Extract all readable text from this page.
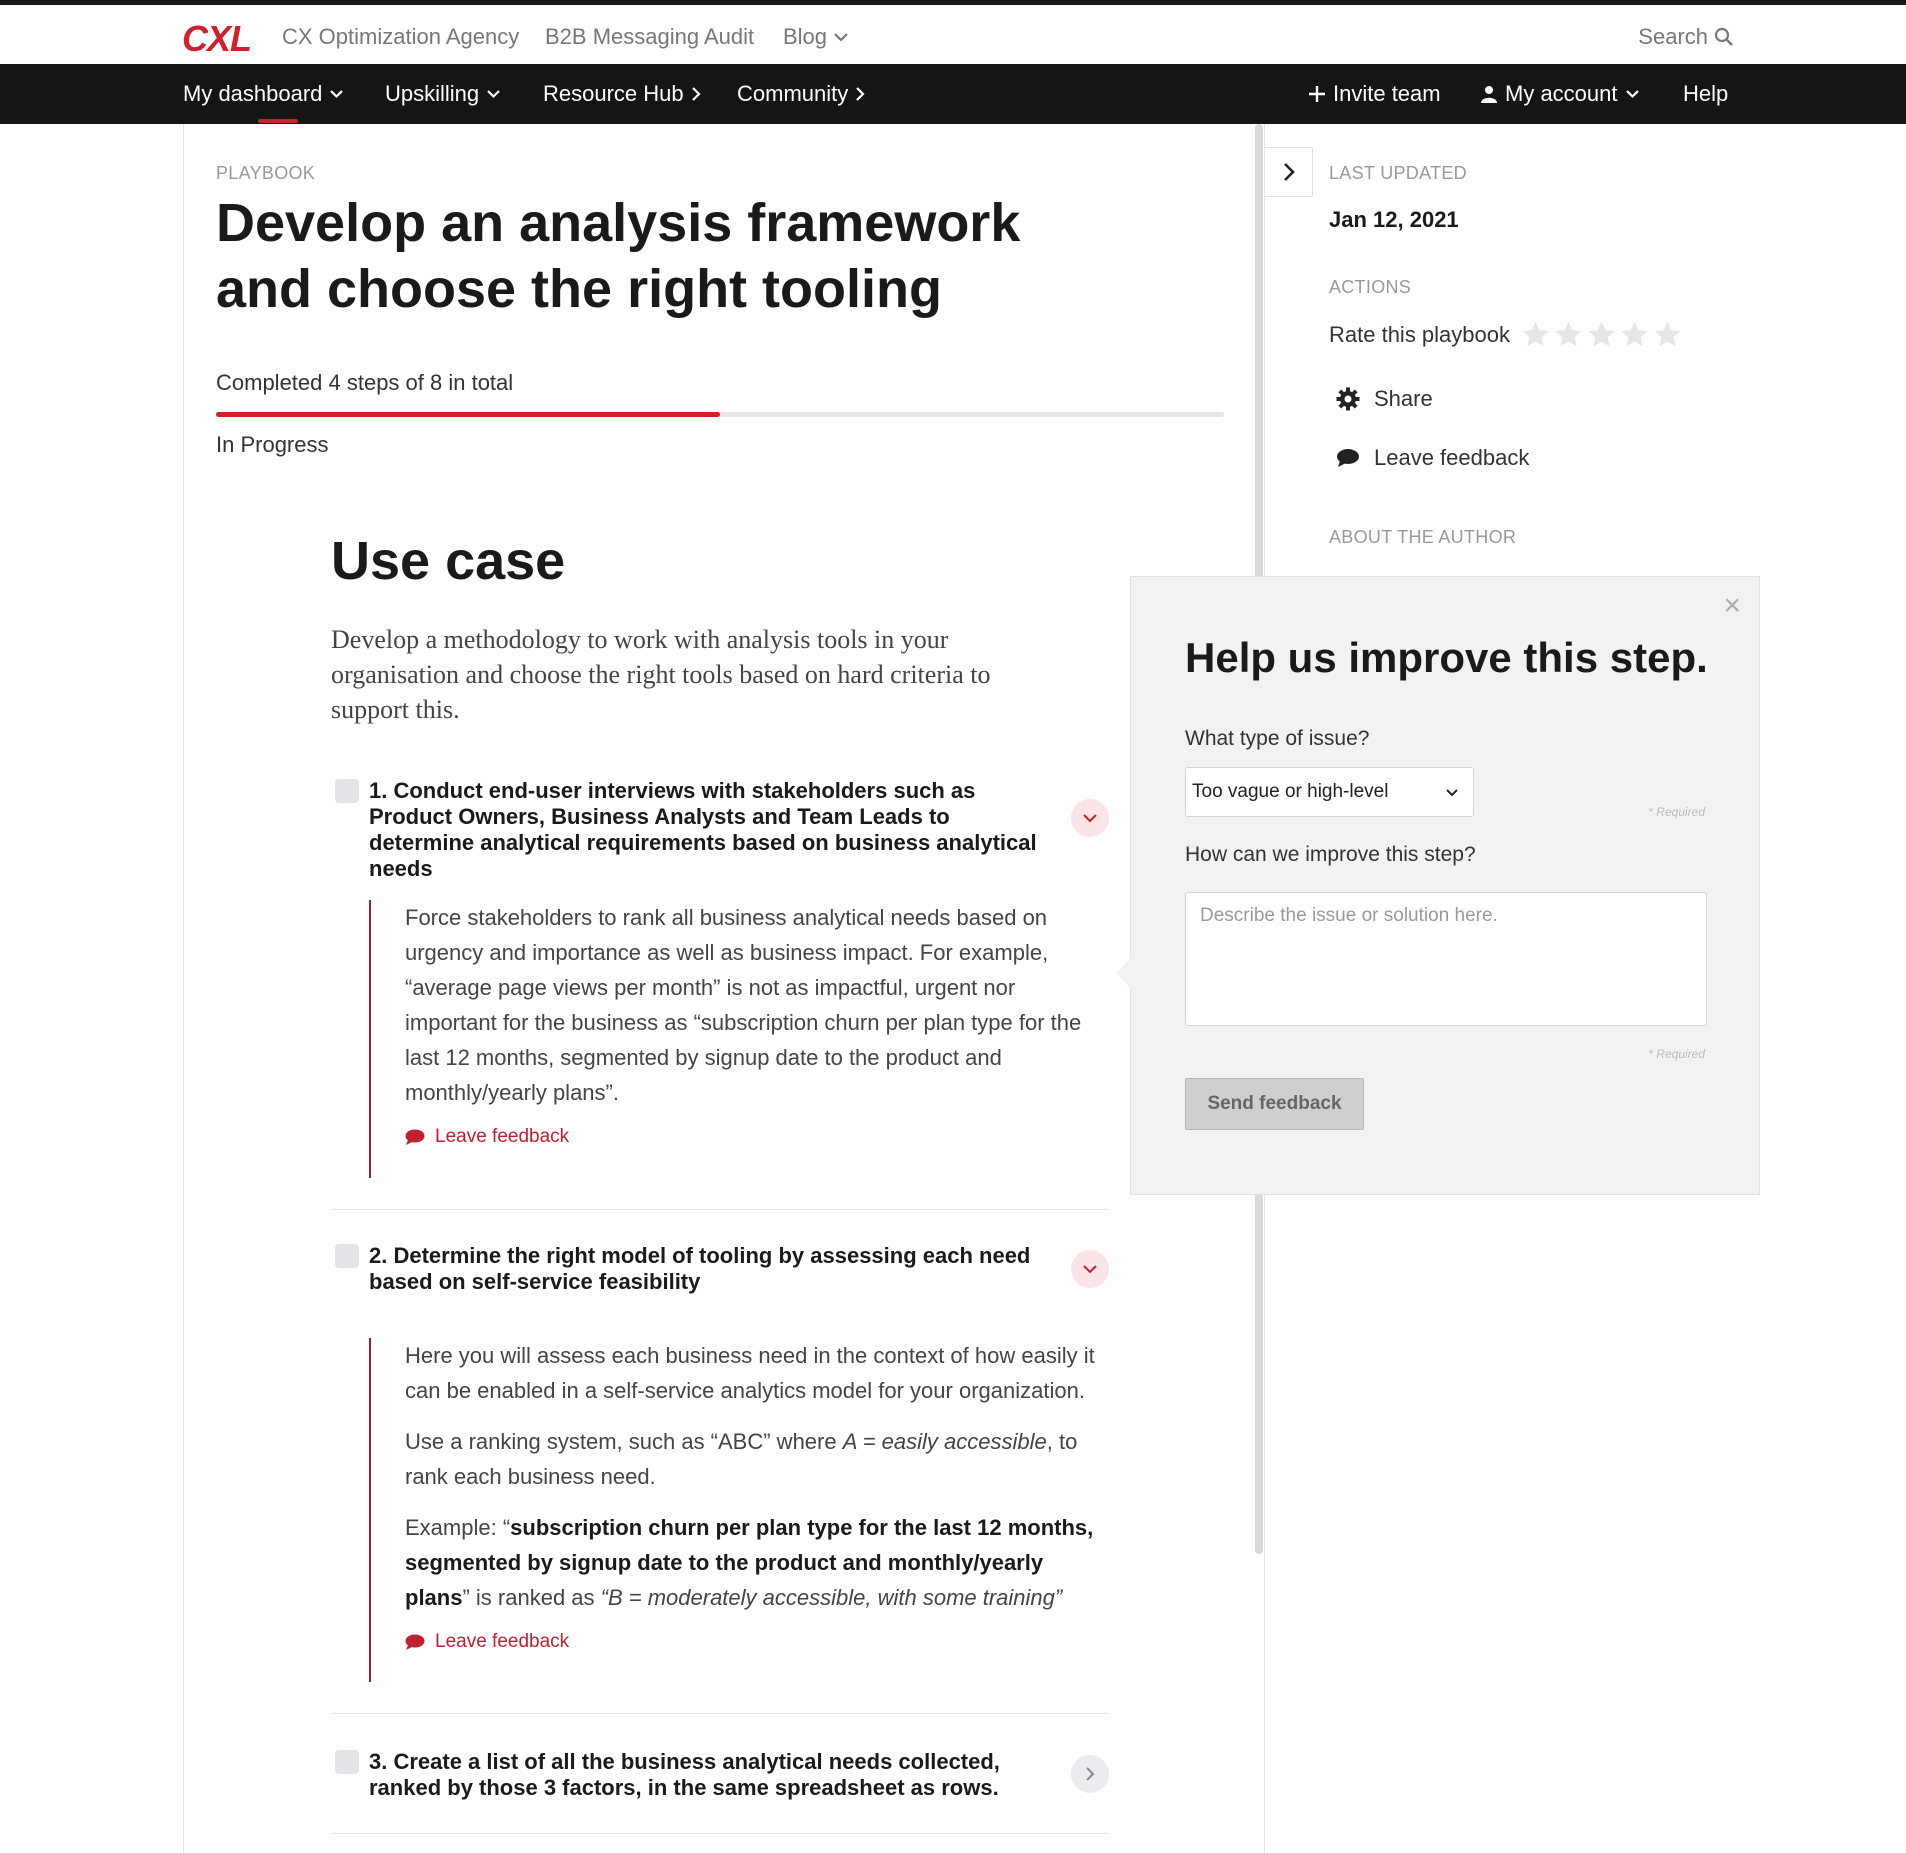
CXL CX Optimization Agency B2B Messaging Audit Blog	Search
My dashboard	Upskilling	Resource Hub Community	Invite team	My account	Help
PLAYBOOK
Develop an analysis framework and choose the right tooling
Completed 4 steps of 8 in total
In Progress
Use case

Develop a methodology to work with analysis tools in your organisation and choose the right tools based on hard criteria to support this.

1. Conduct end-user interviews with stakeholders such as Product Owners, Business Analysts and Team Leads to determine analytical requirements based on business analytical needs

Force stakeholders to rank all business analytical needs based on urgency and importance as well as business impact. For example, “average page views per month” is not as impactful, urgent nor important for the business as “subscription churn per plan type for the last 12 months, segmented by signup date to the product and monthly/yearly plans”.

Leave feedback
2. Determine the right model of tooling by assessing each need based on self-service feasibility

Here you will assess each business need in the context of how easily it can be enabled in a self-service analytics model for your organization.

Use a ranking system, such as “ABC” where A = easily accessible, to rank each business need.

Example: “subscription churn per plan type for the last 12 months, segmented by signup date to the product and monthly/yearly plans” is ranked as “B = moderately accessible, with some training”

Leave feedback
3. Create a list of all the business analytical needs collected, ranked by those 3 factors, in the same spreadsheet as rows.
LAST UPDATED
Jan 12, 2021
ACTIONS
Rate this playbook
Share
Leave feedback
ABOUT THE AUTHOR
×
Help us improve this step.
What type of issue?
Too vague or high-level
* Required
How can we improve this step?
Describe the issue or solution here.
* Required
Send feedback
